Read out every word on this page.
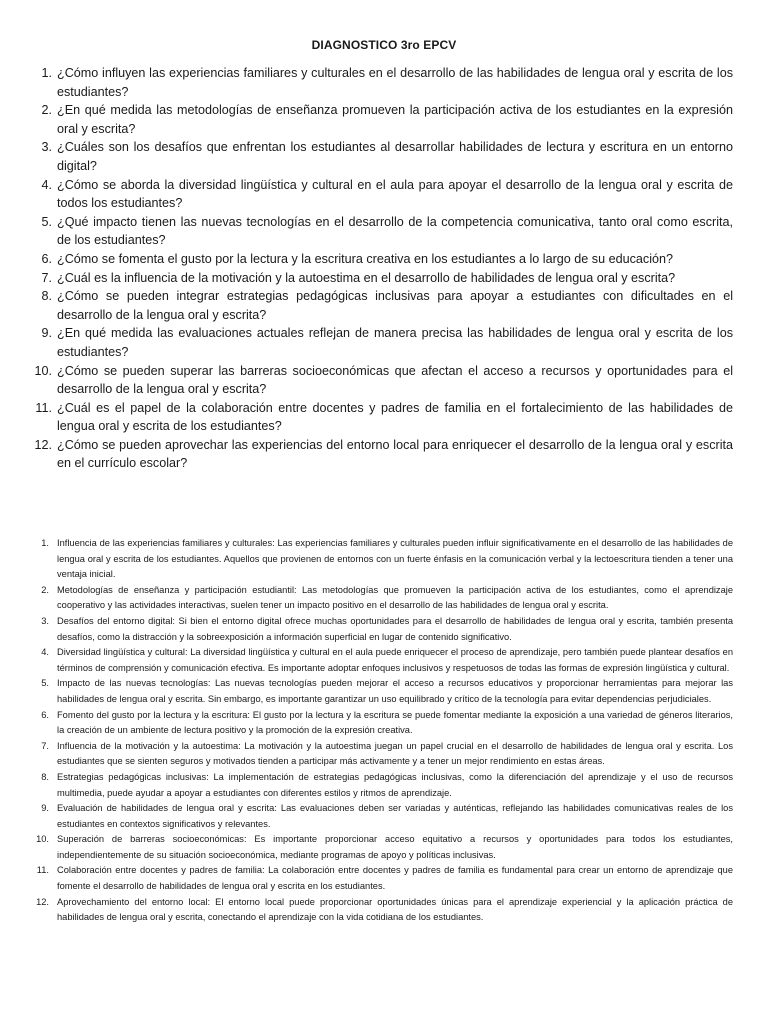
DIAGNOSTICO 3ro EPCV
1. ¿Cómo influyen las experiencias familiares y culturales en el desarrollo de las habilidades de lengua oral y escrita de los estudiantes?
2. ¿En qué medida las metodologías de enseñanza promueven la participación activa de los estudiantes en la expresión oral y escrita?
3. ¿Cuáles son los desafíos que enfrentan los estudiantes al desarrollar habilidades de lectura y escritura en un entorno digital?
4. ¿Cómo se aborda la diversidad lingüística y cultural en el aula para apoyar el desarrollo de la lengua oral y escrita de todos los estudiantes?
5. ¿Qué impacto tienen las nuevas tecnologías en el desarrollo de la competencia comunicativa, tanto oral como escrita, de los estudiantes?
6. ¿Cómo se fomenta el gusto por la lectura y la escritura creativa en los estudiantes a lo largo de su educación?
7. ¿Cuál es la influencia de la motivación y la autoestima en el desarrollo de habilidades de lengua oral y escrita?
8. ¿Cómo se pueden integrar estrategias pedagógicas inclusivas para apoyar a estudiantes con dificultades en el desarrollo de la lengua oral y escrita?
9. ¿En qué medida las evaluaciones actuales reflejan de manera precisa las habilidades de lengua oral y escrita de los estudiantes?
10. ¿Cómo se pueden superar las barreras socioeconómicas que afectan el acceso a recursos y oportunidades para el desarrollo de la lengua oral y escrita?
11. ¿Cuál es el papel de la colaboración entre docentes y padres de familia en el fortalecimiento de las habilidades de lengua oral y escrita de los estudiantes?
12. ¿Cómo se pueden aprovechar las experiencias del entorno local para enriquecer el desarrollo de la lengua oral y escrita en el currículo escolar?
1. Influencia de las experiencias familiares y culturales: Las experiencias familiares y culturales pueden influir significativamente en el desarrollo de las habilidades de lengua oral y escrita de los estudiantes. Aquellos que provienen de entornos con un fuerte énfasis en la comunicación verbal y la lectoescritura tienden a tener una ventaja inicial.
2. Metodologías de enseñanza y participación estudiantil: Las metodologías que promueven la participación activa de los estudiantes, como el aprendizaje cooperativo y las actividades interactivas, suelen tener un impacto positivo en el desarrollo de las habilidades de lengua oral y escrita.
3. Desafíos del entorno digital: Si bien el entorno digital ofrece muchas oportunidades para el desarrollo de habilidades de lengua oral y escrita, también presenta desafíos, como la distracción y la sobreexposición a información superficial en lugar de contenido significativo.
4. Diversidad lingüística y cultural: La diversidad lingüística y cultural en el aula puede enriquecer el proceso de aprendizaje, pero también puede plantear desafíos en términos de comprensión y comunicación efectiva. Es importante adoptar enfoques inclusivos y respetuosos de todas las formas de expresión lingüística y cultural.
5. Impacto de las nuevas tecnologías: Las nuevas tecnologías pueden mejorar el acceso a recursos educativos y proporcionar herramientas para mejorar las habilidades de lengua oral y escrita. Sin embargo, es importante garantizar un uso equilibrado y crítico de la tecnología para evitar dependencias perjudiciales.
6. Fomento del gusto por la lectura y la escritura: El gusto por la lectura y la escritura se puede fomentar mediante la exposición a una variedad de géneros literarios, la creación de un ambiente de lectura positivo y la promoción de la expresión creativa.
7. Influencia de la motivación y la autoestima: La motivación y la autoestima juegan un papel crucial en el desarrollo de habilidades de lengua oral y escrita. Los estudiantes que se sienten seguros y motivados tienden a participar más activamente y a tener un mejor rendimiento en estas áreas.
8. Estrategias pedagógicas inclusivas: La implementación de estrategias pedagógicas inclusivas, como la diferenciación del aprendizaje y el uso de recursos multimedia, puede ayudar a apoyar a estudiantes con diferentes estilos y ritmos de aprendizaje.
9. Evaluación de habilidades de lengua oral y escrita: Las evaluaciones deben ser variadas y auténticas, reflejando las habilidades comunicativas reales de los estudiantes en contextos significativos y relevantes.
10. Superación de barreras socioeconómicas: Es importante proporcionar acceso equitativo a recursos y oportunidades para todos los estudiantes, independientemente de su situación socioeconómica, mediante programas de apoyo y políticas inclusivas.
11. Colaboración entre docentes y padres de familia: La colaboración entre docentes y padres de familia es fundamental para crear un entorno de aprendizaje que fomente el desarrollo de habilidades de lengua oral y escrita en los estudiantes.
12. Aprovechamiento del entorno local: El entorno local puede proporcionar oportunidades únicas para el aprendizaje experiencial y la aplicación práctica de habilidades de lengua oral y escrita, conectando el aprendizaje con la vida cotidiana de los estudiantes.
